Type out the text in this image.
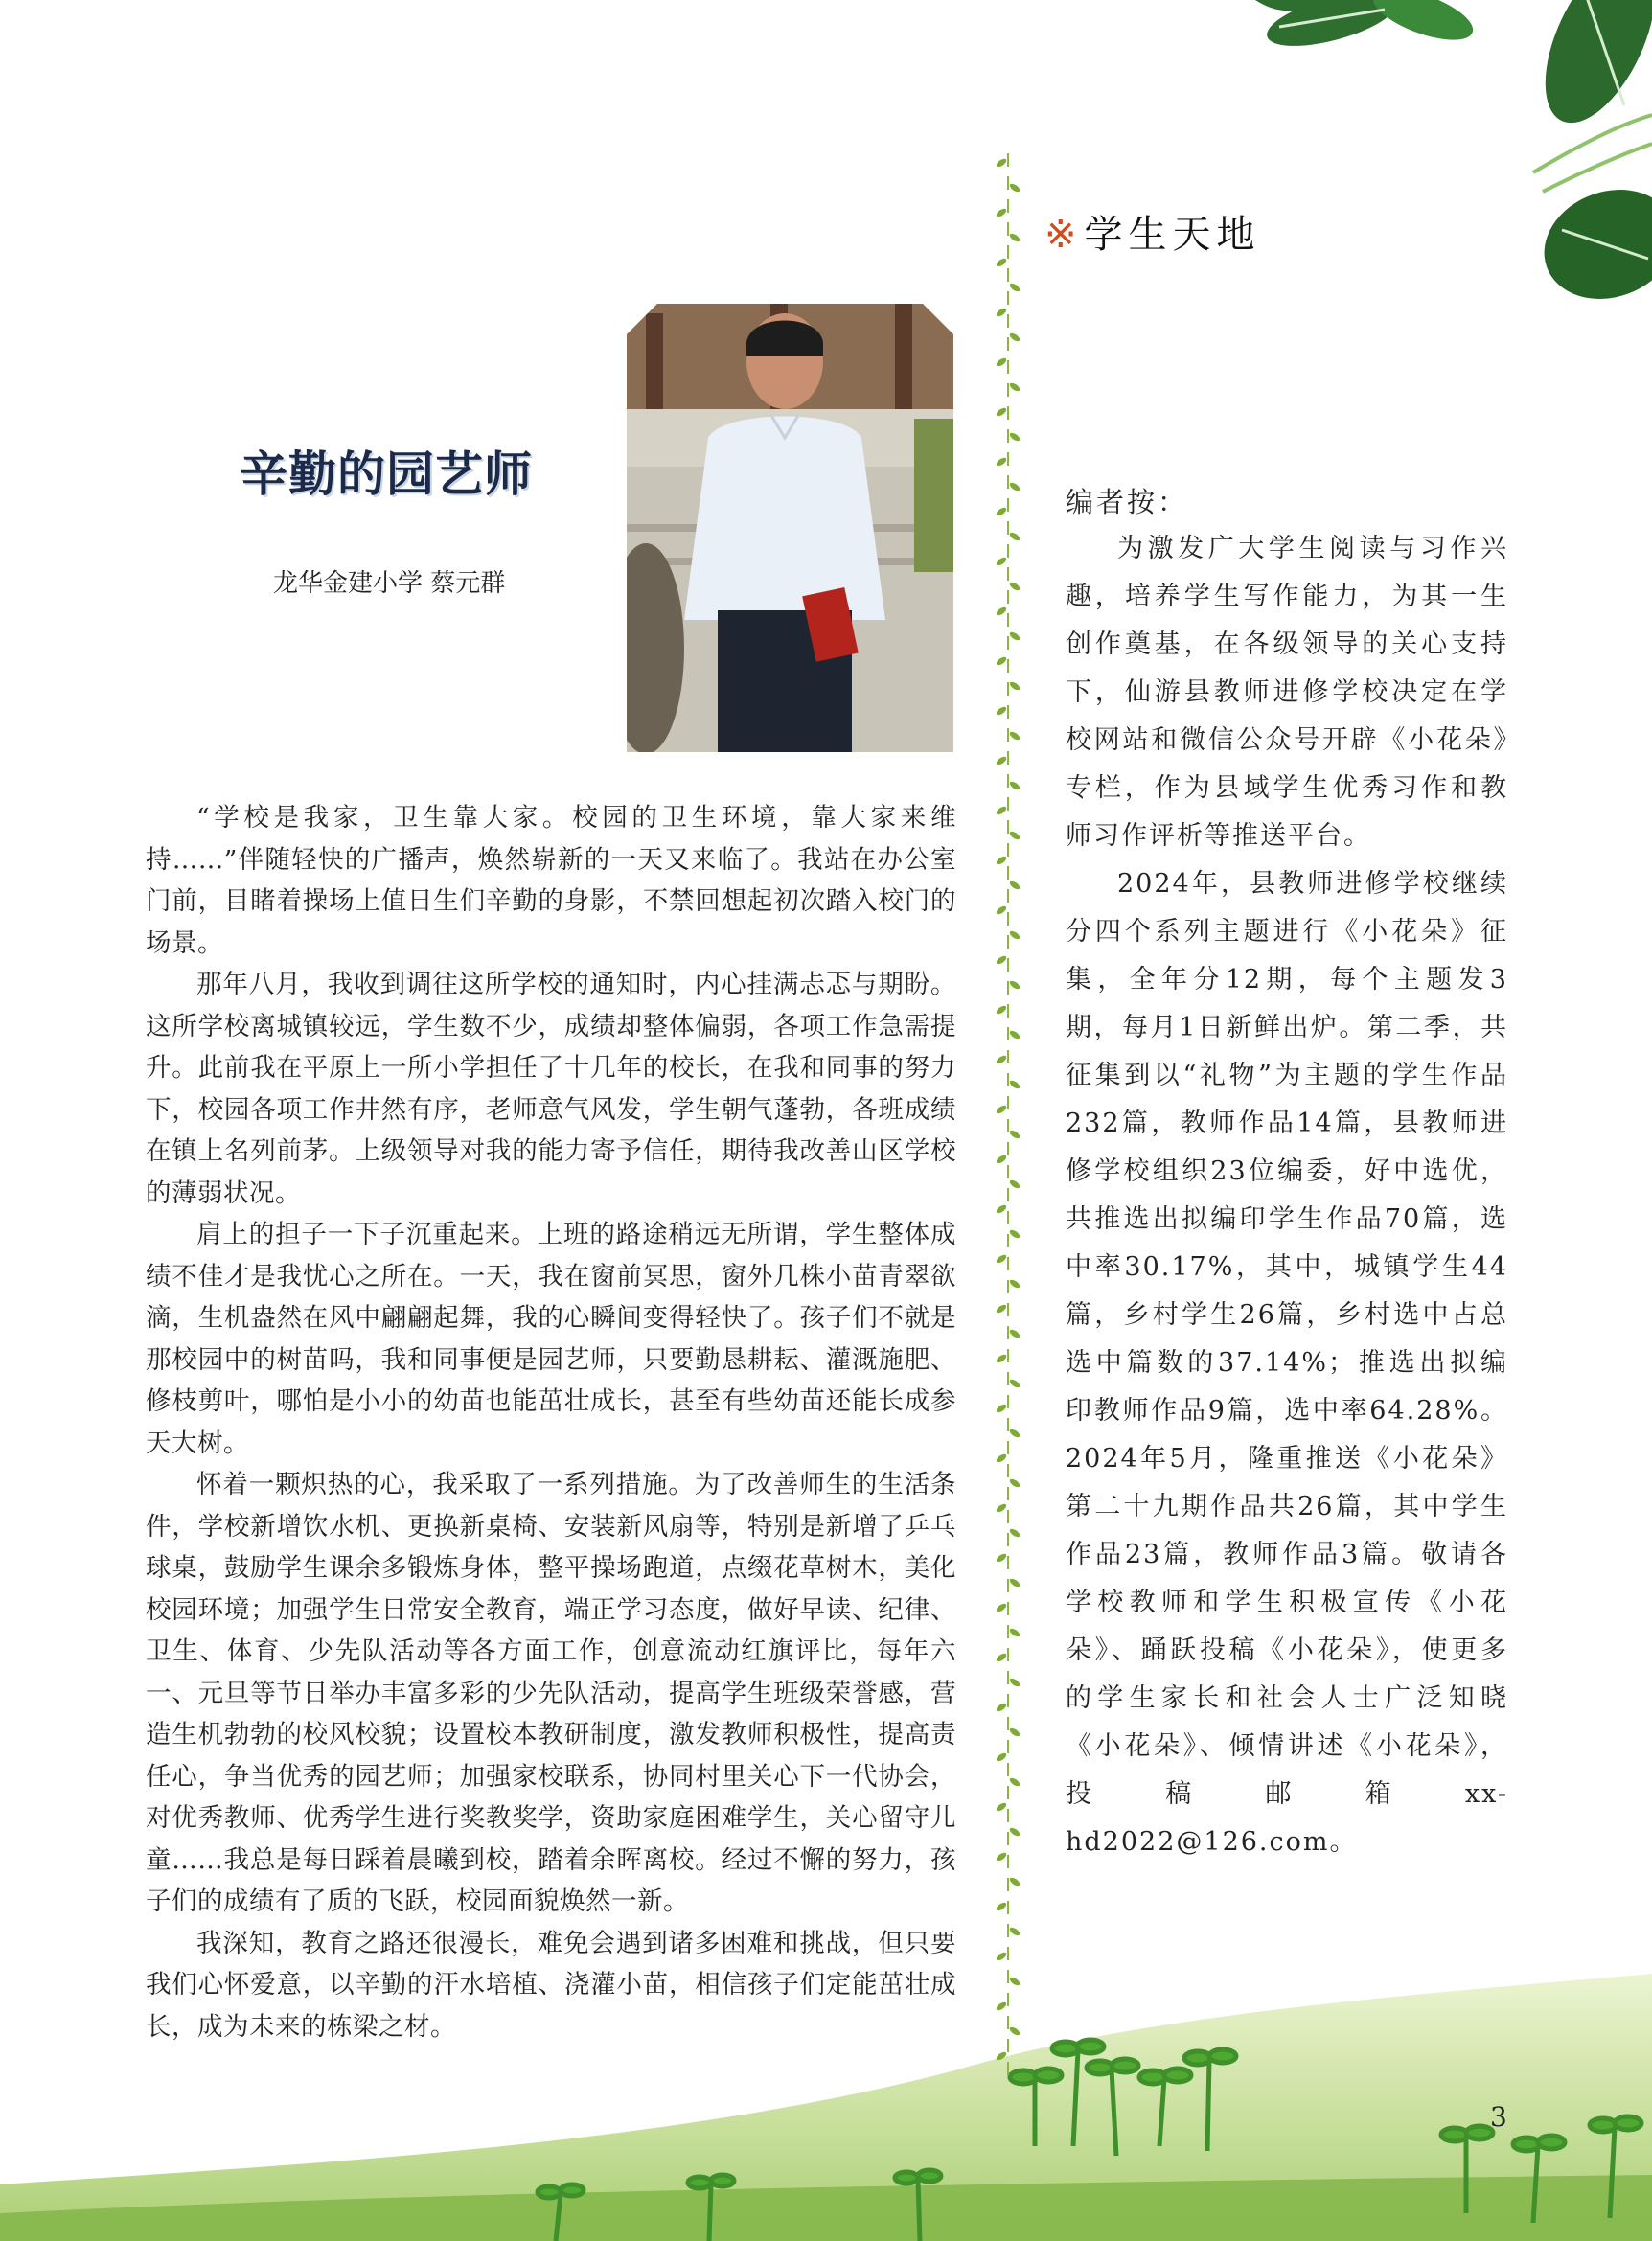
辛勤的园艺师
龙华金建小学 蔡元群

“学校是我家，卫生靠大家。校园的卫生环境，靠大家来维持……”伴随轻快的广播声，焕然崭新的一天又来临了。我站在办公室门前，目睹着操场上值日生们辛勤的身影，不禁回想起初次踏入校门的场景。

那年八月，我收到调往这所学校的通知时，内心挂满忐忑与期盼。这所学校离城镇较远，学生数不少，成绩却整体偏弱，各项工作急需提升。此前我在平原上一所小学担任了十几年的校长，在我和同事的努力下，校园各项工作井然有序，老师意气风发，学生朝气蓬勃，各班成绩在镇上名列前茅。上级领导对我的能力寄予信任，期待我改善山区学校的薄弱状况。

肩上的担子一下子沉重起来。上班的路途稍远无所谓，学生整体成绩不佳才是我忧心之所在。一天，我在窗前冥思，窗外几株小苗青翠欲滴，生机盎然在风中翩翩起舞，我的心瞬间变得轻快了。孩子们不就是那校园中的树苗吗，我和同事便是园艺师，只要勤恳耕耘、灌溉施肥、修枝剪叶，哪怕是小小的幼苗也能茁壮成长，甚至有些幼苗还能长成参天大树。

怀着一颗炽热的心，我采取了一系列措施。为了改善师生的生活条件，学校新增饮水机、更换新桌椅、安装新风扇等，特别是新增了乒乓球桌，鼓励学生课余多锻炼身体，整平操场跑道，点缀花草树木，美化校园环境；加强学生日常安全教育，端正学习态度，做好早读、纪律、卫生、体育、少先队活动等各方面工作，创意流动红旗评比，每年六一、元旦等节日举办丰富多彩的少先队活动，提高学生班级荣誉感，营造生机勃勃的校风校貌；设置校本教研制度，激发教师积极性，提高责任心，争当优秀的园艺师；加强家校联系，协同村里关心下一代协会，对优秀教师、优秀学生进行奖教奖学，资助家庭困难学生，关心留守儿童……我总是每日踩着晨曦到校，踏着余晖离校。经过不懈的努力，孩子们的成绩有了质的飞跃，校园面貌焕然一新。

我深知，教育之路还很漫长，难免会遇到诸多困难和挑战，但只要我们心怀爱意，以辛勤的汗水培植、浇灌小苗，相信孩子们定能茁壮成长，成为未来的栋梁之材。

※ 学生天地
编者按：

为激发广大学生阅读与习作兴趣，培养学生写作能力，为其一生创作奠基，在各级领导的关心支持下，仙游县教师进修学校决定在学校网站和微信公众号开辟《小花朵》专栏，作为县域学生优秀习作和教师习作评析等推送平台。

2024年，县教师进修学校继续分四个系列主题进行《小花朵》征集，全年分12期，每个主题发3期，每月1日新鲜出炉。第二季，共征集到以“礼物”为主题的学生作品232篇，教师作品14篇，县教师进修学校组织23位编委，好中选优，共推选出拟编印学生作品70篇，选中率30.17%，其中，城镇学生44篇，乡村学生26篇，乡村选中占总选中篇数的37.14%；推选出拟编印教师作品9篇，选中率64.28%。2024年5月，隆重推送《小花朵》第二十九期作品共26篇，其中学生作品23篇，教师作品3篇。敬请各学校教师和学生积极宣传《小花朵》、踊跃投稿《小花朵》，使更多的学生家长和社会人士广泛知晓《小花朵》、倾情讲述《小花朵》，投稿邮箱xx-hd2022@126.com。

3
